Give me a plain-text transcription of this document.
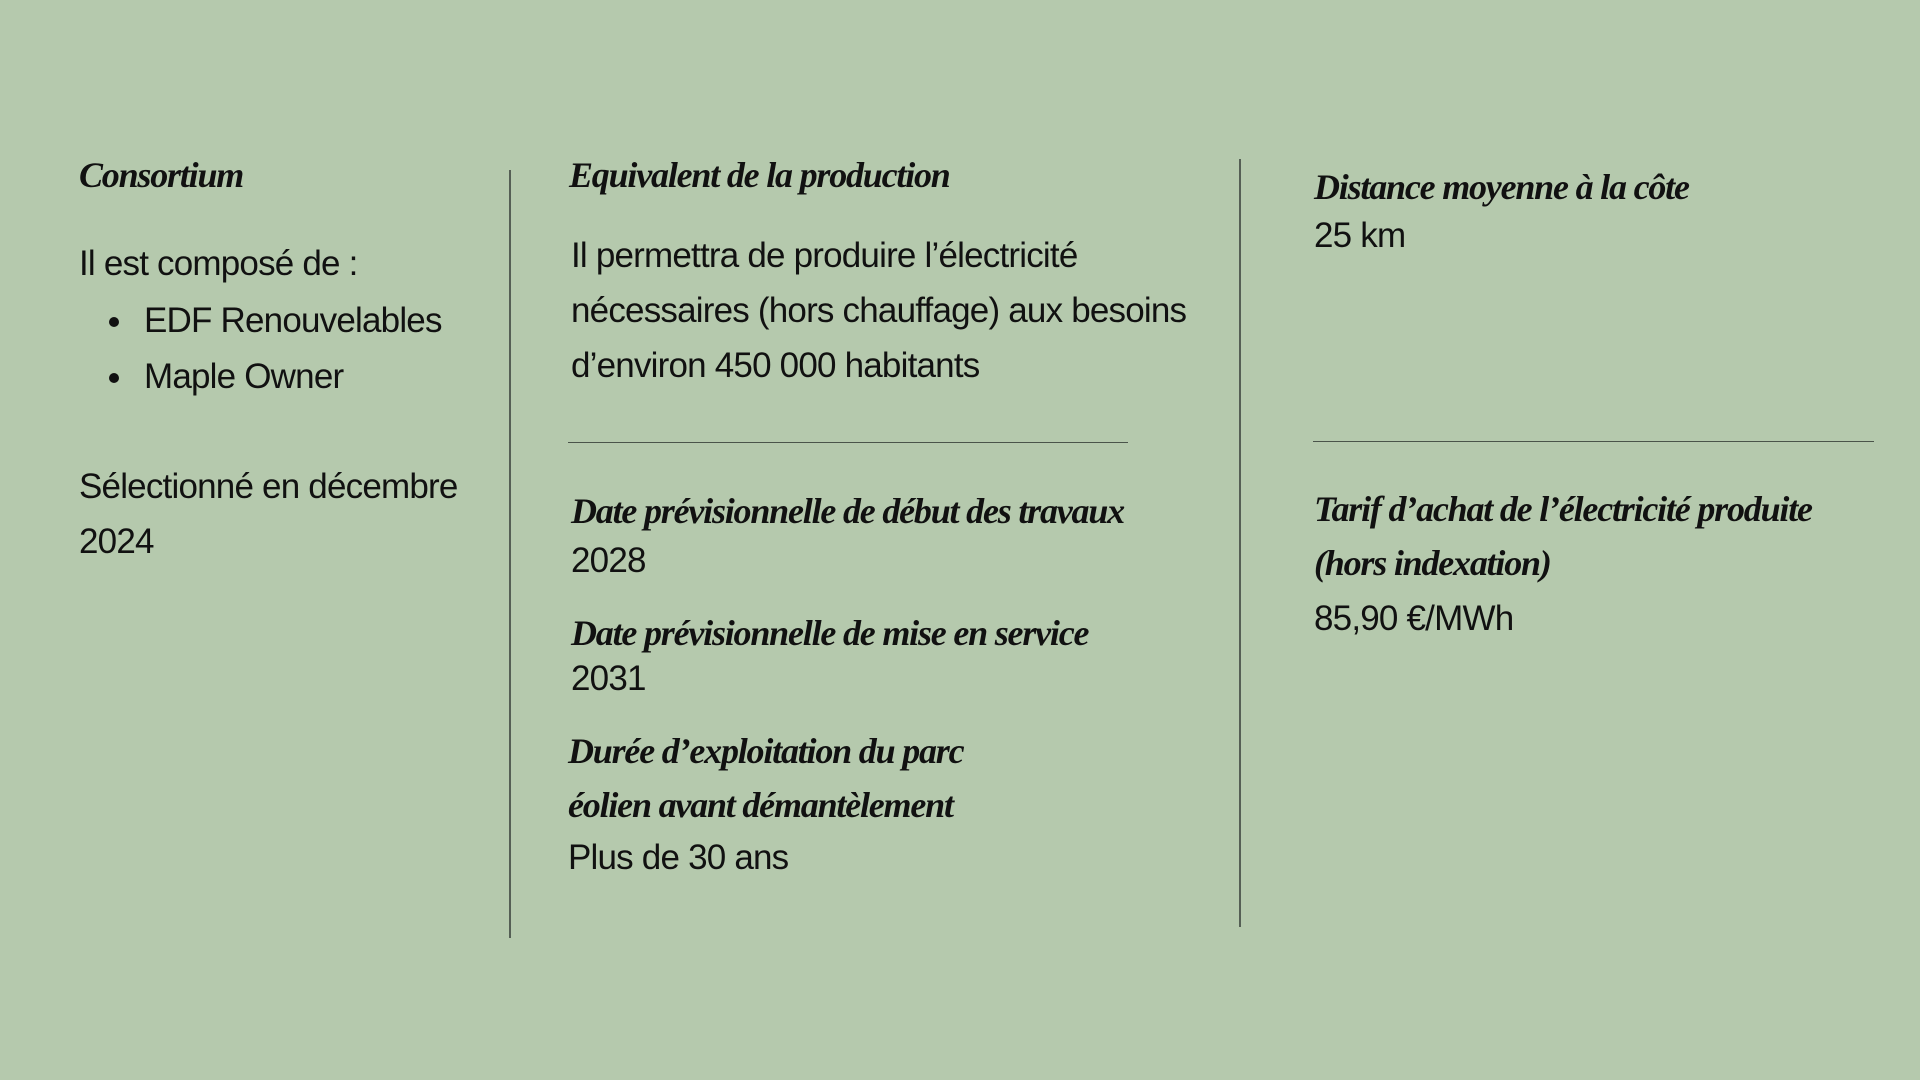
Consortium

Il est composé de :

EDF Renouvelables
Maple Owner

Sélectionné en décembre

2024

Equivalent de la production

Il permettra de produire l’électricité

nécessaires (hors chauffage) aux besoins

d’environ 450 000 habitants

Date prévisionnelle de début des travaux

2028

Date prévisionnelle de mise en service

2031

Durée d’exploitation du parc

éolien avant démantèlement

Plus de 30 ans

Distance moyenne à la côte

25 km

Tarif d’achat de l’électricité produite

(hors indexation)

85,90 €/MWh
